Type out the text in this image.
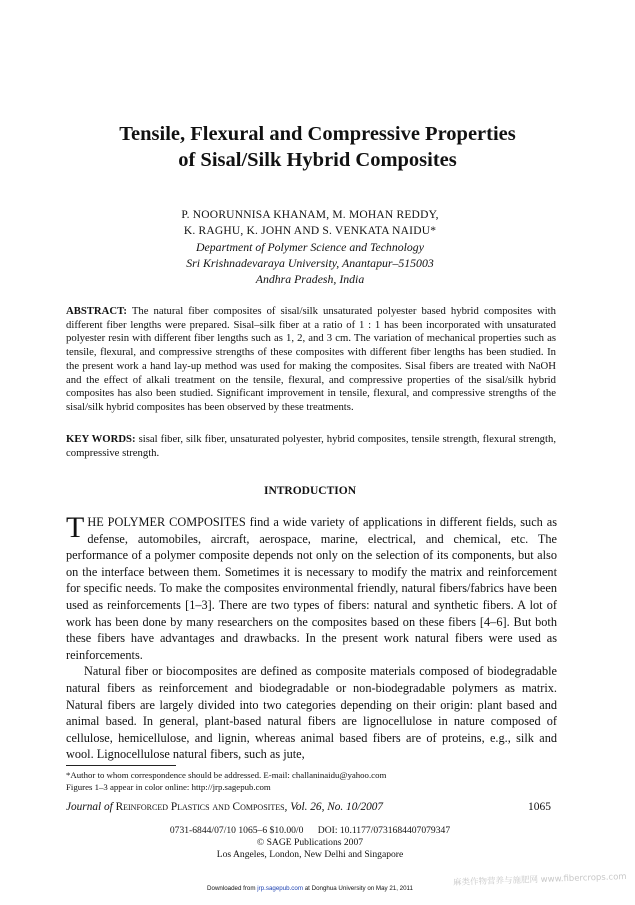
Tensile, Flexural and Compressive Properties
of Sisal/Silk Hybrid Composites
P. NOORUNNISA KHANAM, M. MOHAN REDDY,
K. RAGHU, K. JOHN AND S. VENKATA NAIDU*
Department of Polymer Science and Technology
Sri Krishnadevaraya University, Anantapur–515003
Andhra Pradesh, India
ABSTRACT: The natural fiber composites of sisal/silk unsaturated polyester based hybrid composites with different fiber lengths were prepared. Sisal–silk fiber at a ratio of 1 : 1 has been incorporated with unsaturated polyester resin with different fiber lengths such as 1, 2, and 3 cm. The variation of mechanical properties such as tensile, flexural, and compressive strengths of these composites with different fiber lengths has been studied. In the present work a hand lay-up method was used for making the composites. Sisal fibers are treated with NaOH and the effect of alkali treatment on the tensile, flexural, and compressive properties of the sisal/silk hybrid composites has also been studied. Significant improvement in tensile, flexural, and compressive strengths of the sisal/silk hybrid composites has been observed by these treatments.
KEY WORDS: sisal fiber, silk fiber, unsaturated polyester, hybrid composites, tensile strength, flexural strength, compressive strength.
INTRODUCTION

THE POLYMER COMPOSITES find a wide variety of applications in different fields, such as defense, automobiles, aircraft, aerospace, marine, electrical, and chemical, etc. The performance of a polymer composite depends not only on the selection of its components, but also on the interface between them. Sometimes it is necessary to modify the matrix and reinforcement for specific needs. To make the composites environmental friendly, natural fibers/fabrics have been used as reinforcements [1–3]. There are two types of fibers: natural and synthetic fibers. A lot of work has been done by many researchers on the composites based on these fibers [4–6]. But both these fibers have advantages and drawbacks. In the present work natural fibers were used as reinforcements.

Natural fiber or biocomposites are defined as composite materials composed of biodegradable natural fibers as reinforcement and biodegradable or non-biodegradable polymers as matrix. Natural fibers are largely divided into two categories depending on their origin: plant based and animal based. In general, plant-based natural fibers are lignocellulose in nature composed of cellulose, hemicellulose, and lignin, whereas animal based fibers are of proteins, e.g., silk and wool. Lignocellulose natural fibers, such as jute,

*Author to whom correspondence should be addressed. E-mail: challaninaidu@yahoo.com
Figures 1–3 appear in color online: http://jrp.sagepub.com
Journal of Reinforced Plastics and Composites, Vol. 26, No. 10/2007	1065
0731-6844/07/10 1065–6 $10.00/0      DOI: 10.1177/0731684407079347
© SAGE Publications 2007
Los Angeles, London, New Delhi and Singapore
Downloaded from jrp.sagepub.com at Donghua University on May 21, 2011
麻类作物营养与施肥网 www.fibercrops.com
